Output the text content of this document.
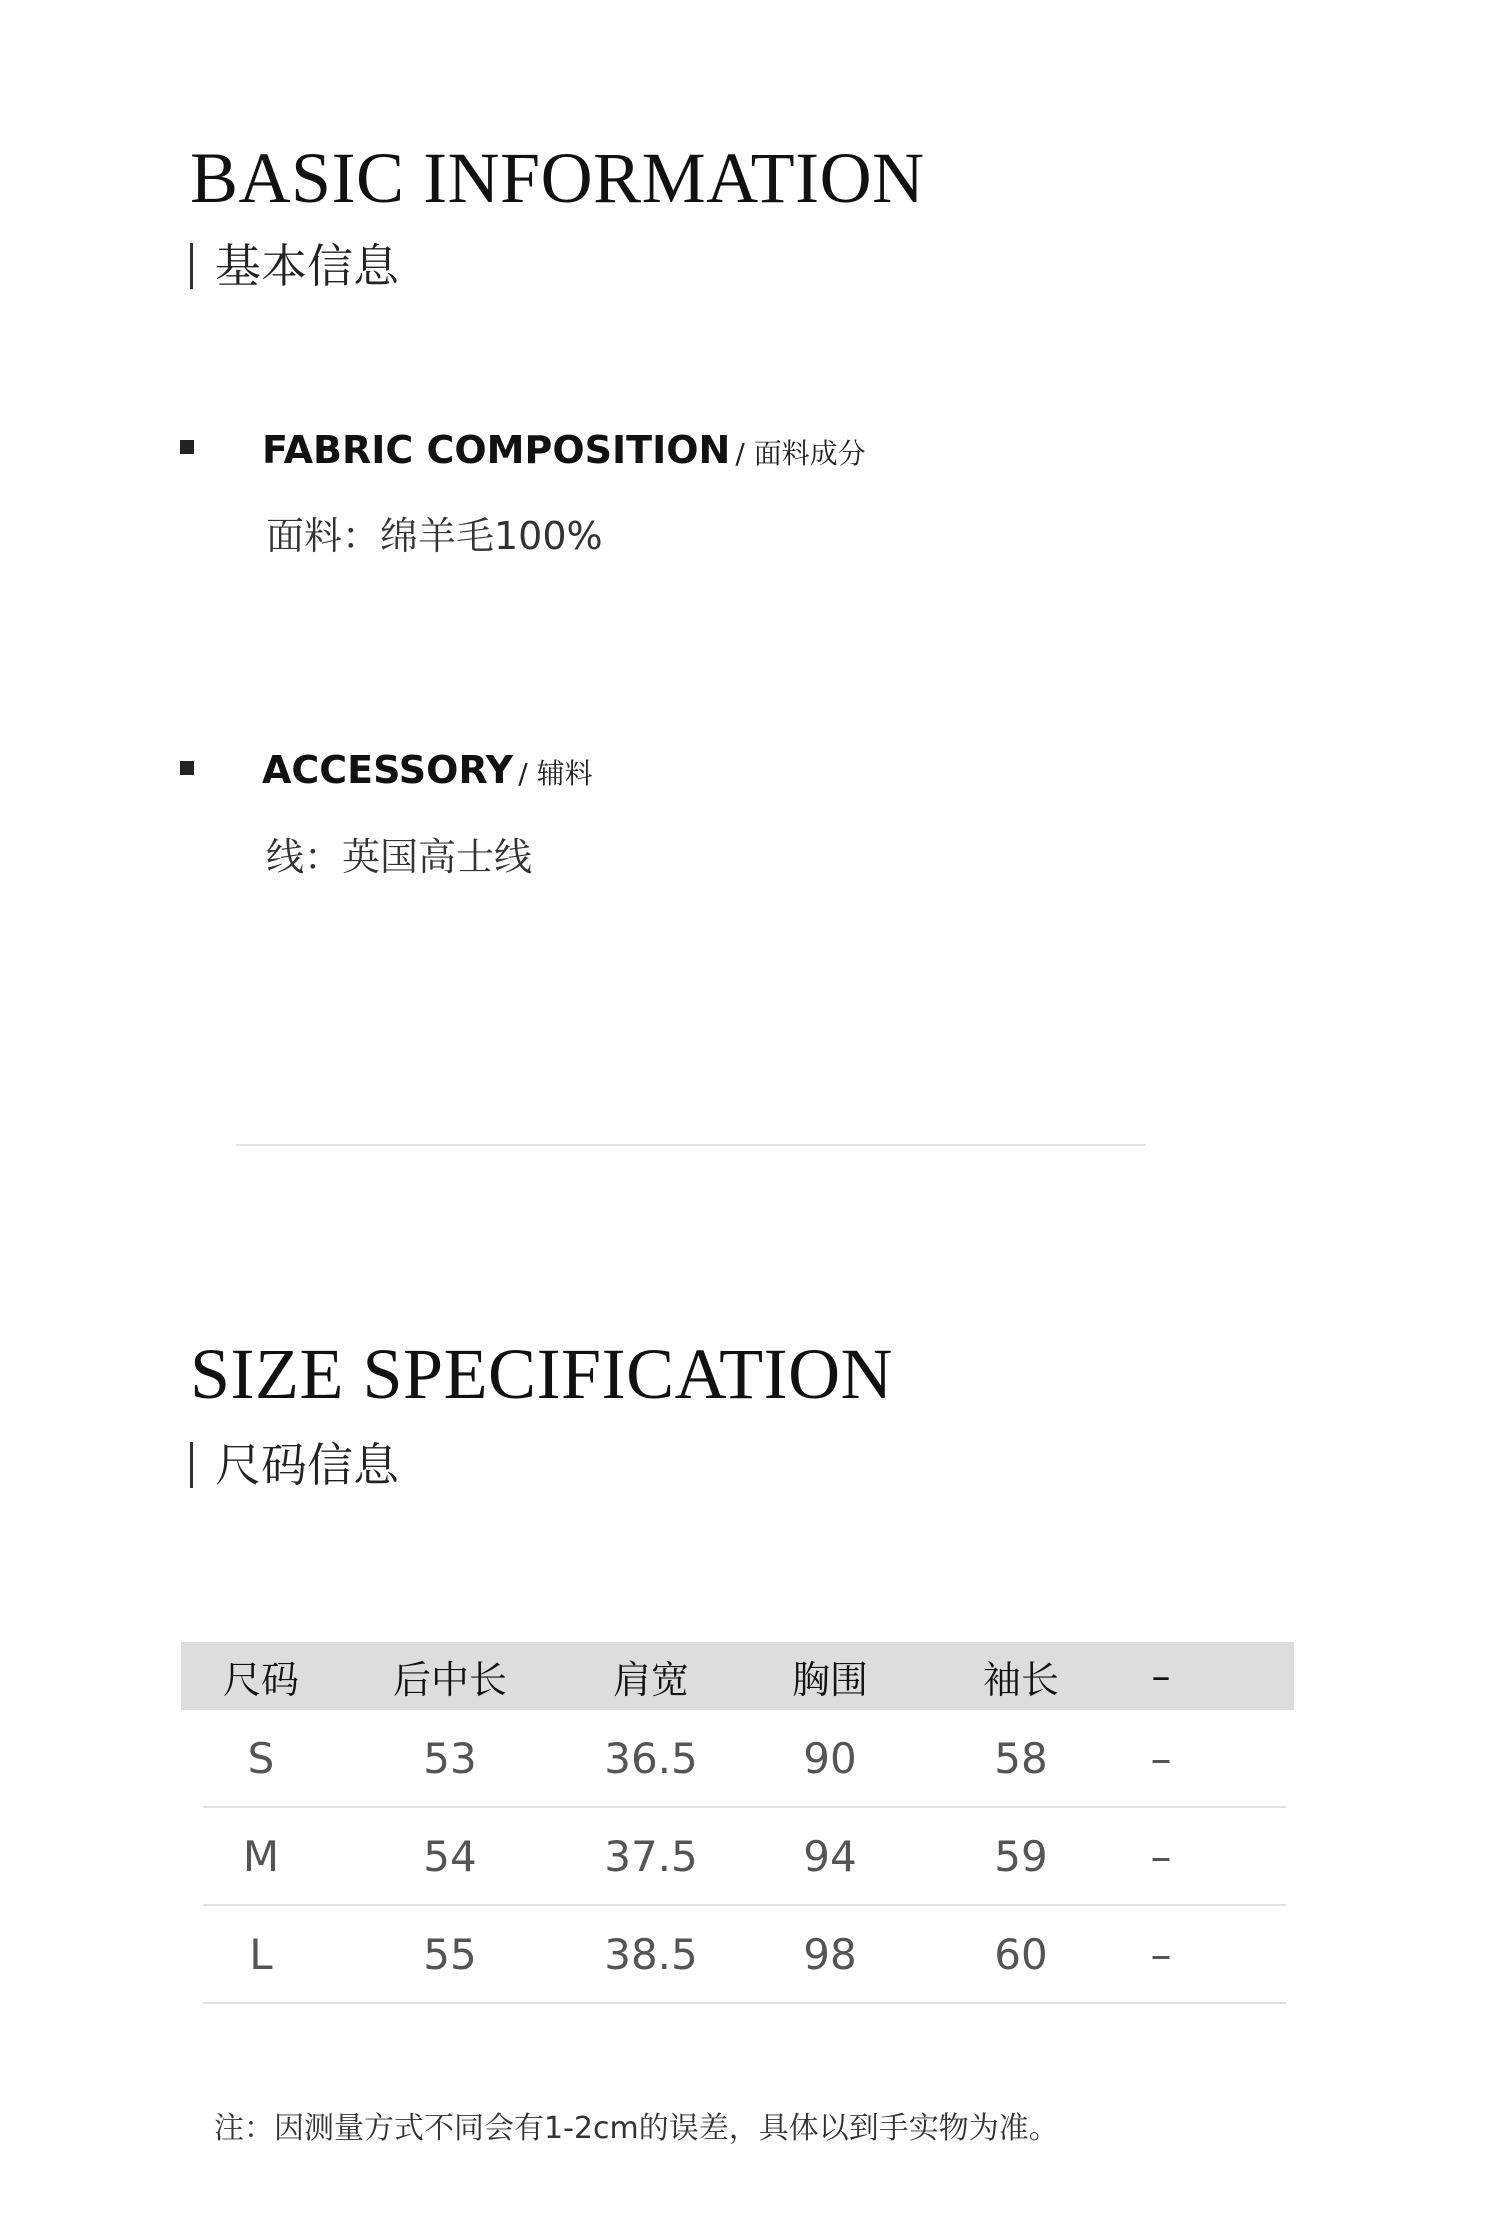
BASIC INFORMATION
基本信息
FABRIC COMPOSITION / 面料成分
面料：绵羊毛100%
ACCESSORY / 辅料
线：英国高士线
SIZE SPECIFICATION
尺码信息
尺码	后中长	肩宽	胸围	袖长	–
S	53	36.5	90	58	–
M	54	37.5	94	59	–
L	55	38.5	98	60	–
注：因测量方式不同会有1-2cm的误差，具体以到手实物为准。
